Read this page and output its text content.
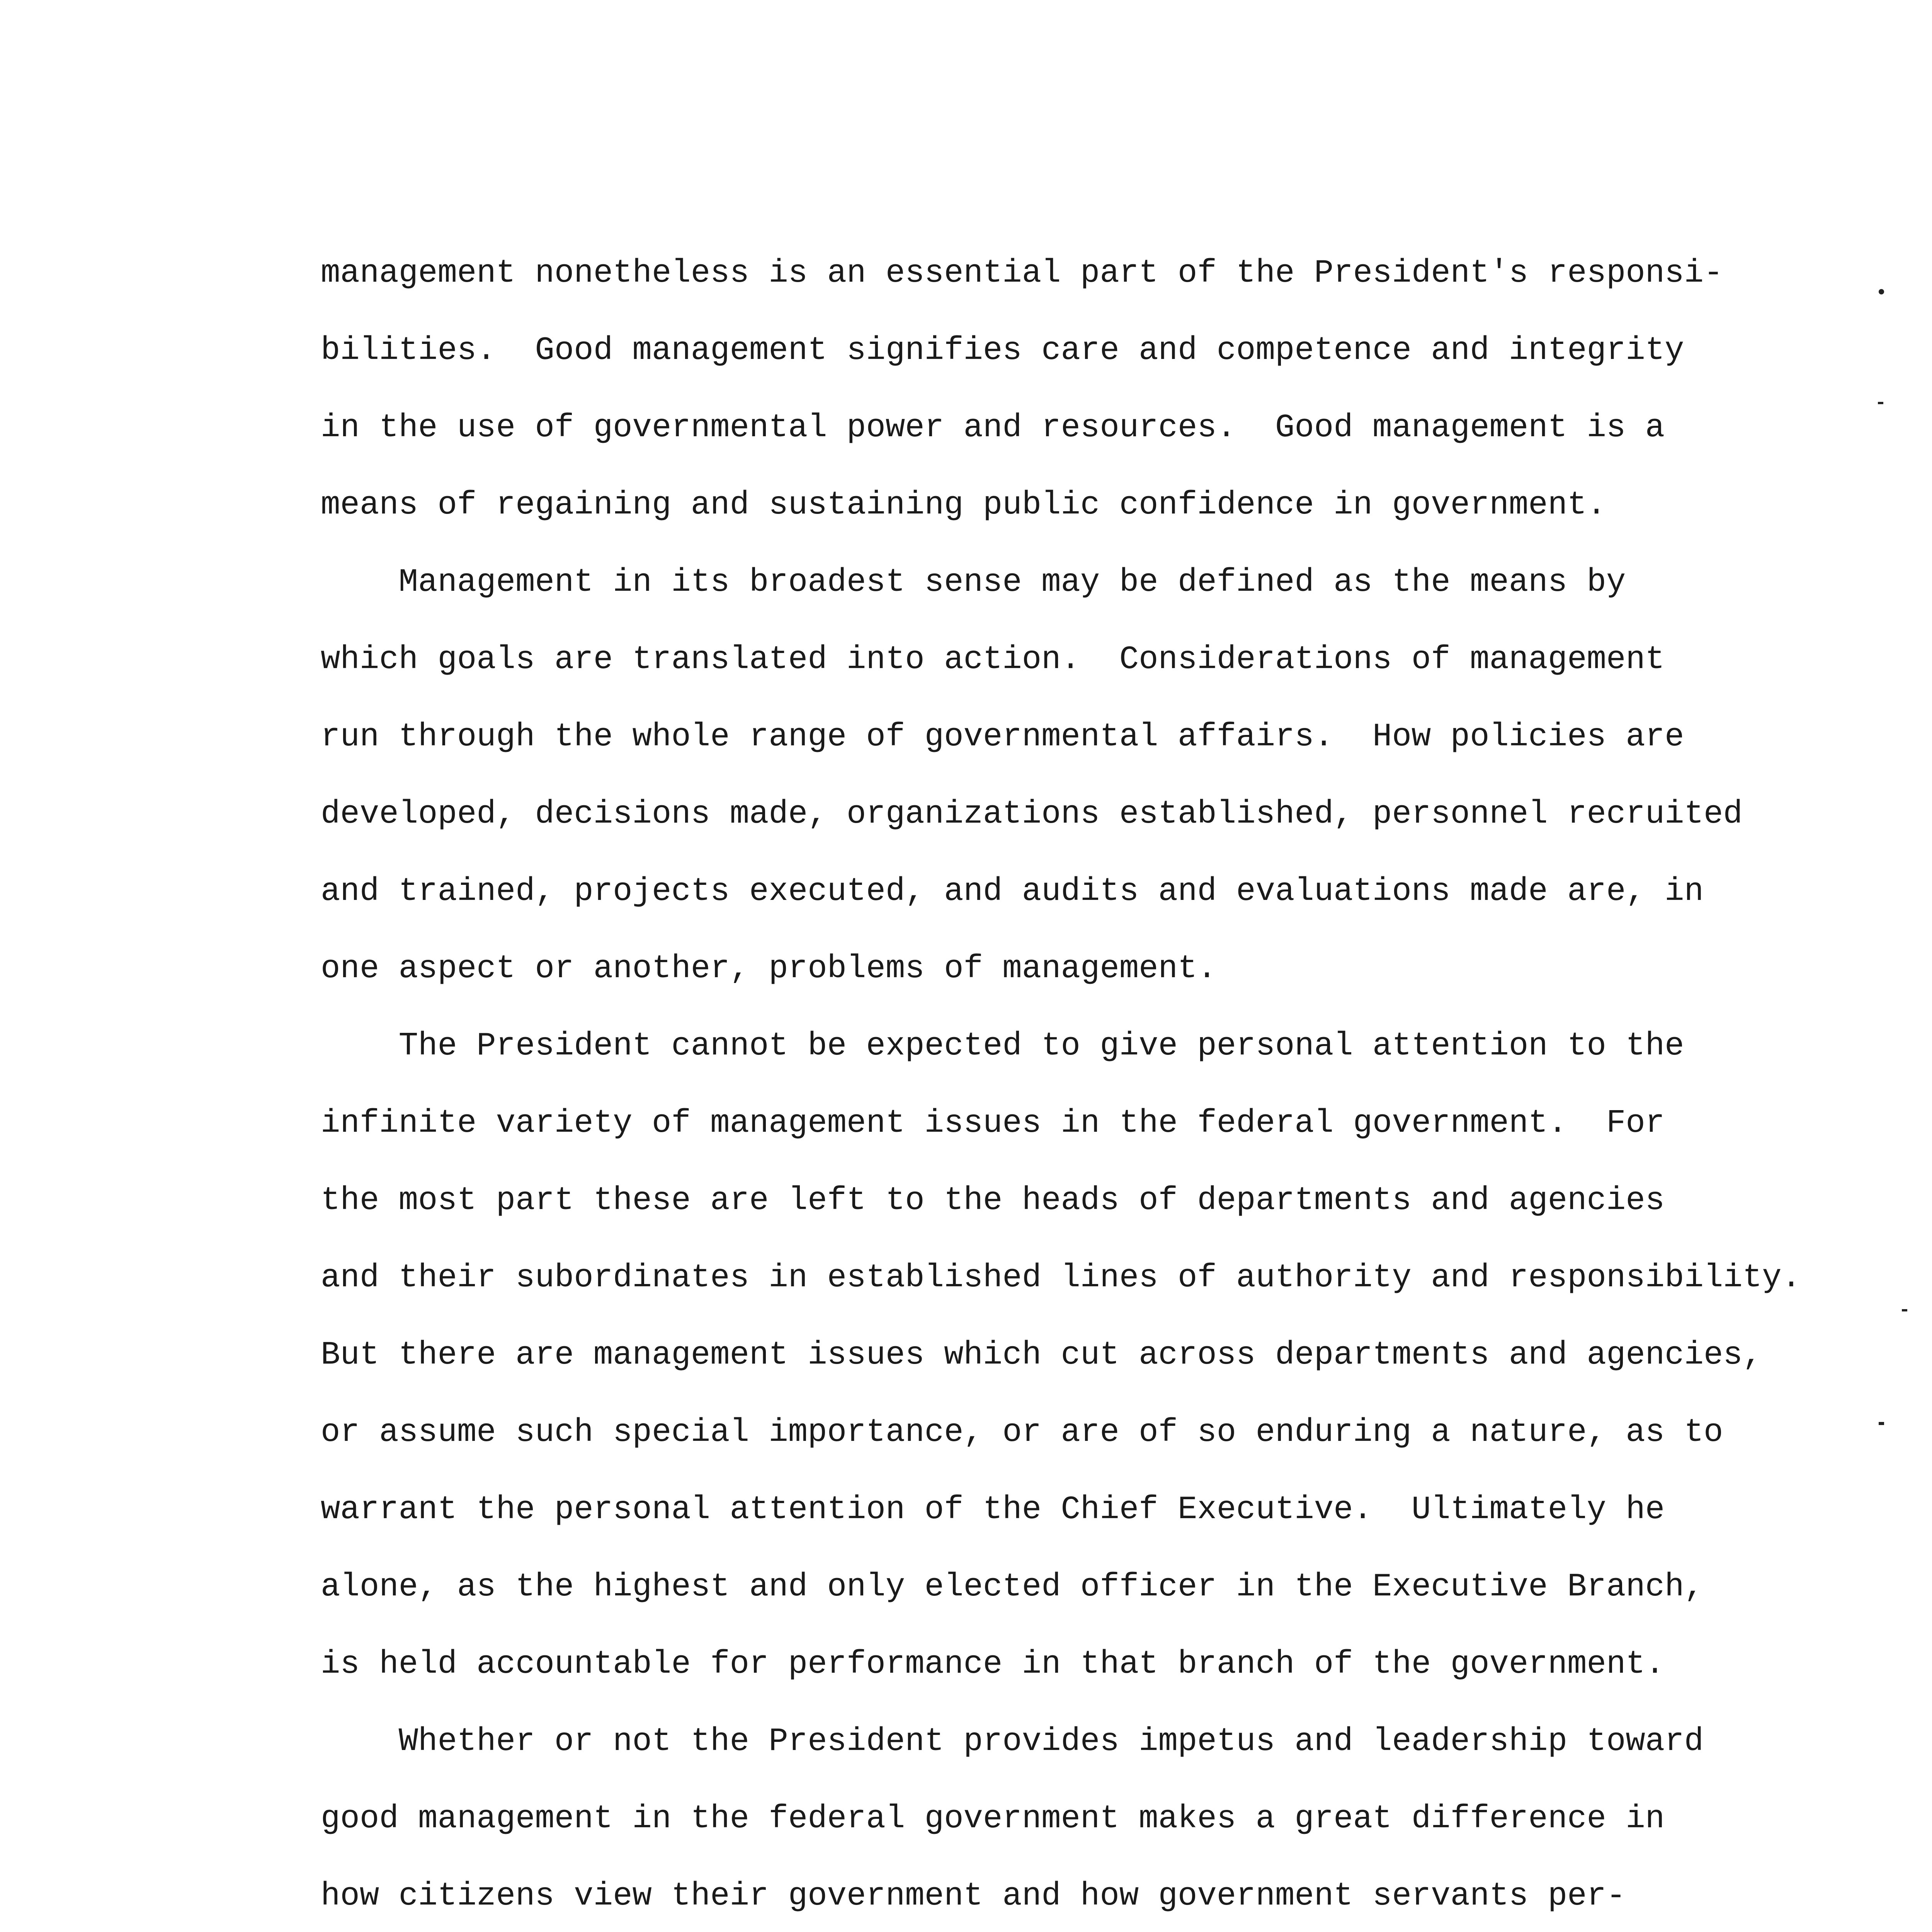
management nonetheless is an essential part of the President's responsi-
bilities.  Good management signifies care and competence and integrity
in the use of governmental power and resources.  Good management is a
means of regaining and sustaining public confidence in government.
Management in its broadest sense may be defined as the means by
which goals are translated into action.  Considerations of management
run through the whole range of governmental affairs.  How policies are
developed, decisions made, organizations established, personnel recruited
and trained, projects executed, and audits and evaluations made are, in
one aspect or another, problems of management.
The President cannot be expected to give personal attention to the
infinite variety of management issues in the federal government.  For
the most part these are left to the heads of departments and agencies
and their subordinates in established lines of authority and responsibility.
But there are management issues which cut across departments and agencies,
or assume such special importance, or are of so enduring a nature, as to
warrant the personal attention of the Chief Executive.  Ultimately he
alone, as the highest and only elected officer in the Executive Branch,
is held accountable for performance in that branch of the government.
Whether or not the President provides impetus and leadership toward
good management in the federal government makes a great difference in
how citizens view their government and how government servants per-
